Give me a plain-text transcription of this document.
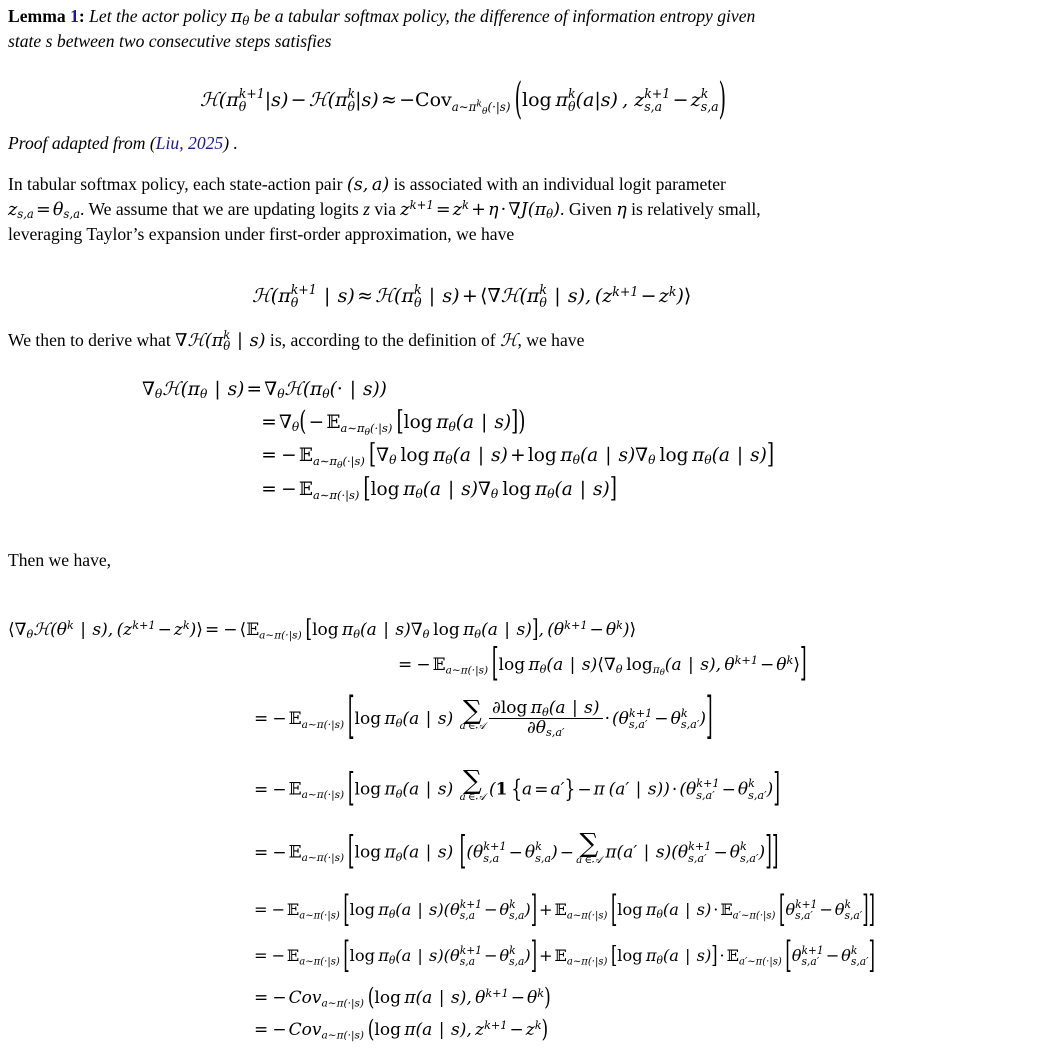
Lemma 1: Let the actor policy $\pi_\theta$ be a tabular softmax policy, the difference of information entropy given
state s between two consecutive steps satisfies
ℋ(π k+1
θ |s) − ℋ(π k
θ |s) ≈ −Cov$_{a\sim\pi^k_\theta(\cdot|s)}$ (log π k
θ (a|s) , z k+1
s,a − z k
s,a )
Proof adapted from (Liu, 2025) .
In tabular softmax policy, each state-action pair (s, a) is associated with an individual logit parameter
$z_{s,a} = \theta_{s,a}$. We assume that we are updating logits z via $z^{k+1} = z^k + \eta \cdot \nabla J(\pi_\theta)$. Given η is relatively small,
leveraging Taylor’s expansion under first-order approximation, we have
ℋ(π k+1
θ	| s) ≈ ℋ(π k
θ | s) + ⟨∇ℋ(π k
θ | s), ($z^{k+1}$ − $z^k)⟩$
We then to derive what ∇ℋ(π k
θ | s) is, according to the definition of ℋ, we have
$\nabla_\theta ℋ(\pi_\theta$ | $s) = \nabla_\theta ℋ(\pi_\theta(\cdot$ | s))
= $\nabla_\theta$( − 𝔼$_{a\sim\pi_\theta(\cdot|s)}$ [log $\pi_\theta(a$ | s)])
= − 𝔼$_{a\sim\pi_\theta(\cdot|s)}$ [$\nabla_\theta$ $\log \pi_\theta(a$ | $s) + \log \pi_\theta(a$ | $s)\nabla_\theta$ $\log \pi_\theta(a$ | s)]
= − 𝔼$_{a\sim\pi(\cdot|s)}$ [log $\pi_\theta(a$ | $s)\nabla_\theta$ $\log \pi_\theta(a$ | s)]
Then we have,
$⟨\nabla_\theta ℋ(\theta^k$ | s), ($z^{k+1}$ − $z^k)⟩$ = − ⟨𝔼$_{a\sim\pi(\cdot|s)}$ [log $\pi_\theta(a$ | $s)\nabla_\theta$ $\log \pi_\theta(a$ | s)], ($\theta^{k+1}$ − $\theta^k)⟩$
= − 𝔼$_{a\sim\pi(\cdot|s)}$ [log $\pi_\theta(a$ | $s)⟨\nabla_\theta$ $\log_{\pi_\theta}(a$ | s), $\theta^{k+1}$ − $\theta^k⟩$]
= − 𝔼$_{a\sim\pi(\cdot|s)}$ [log $\pi_\theta(a$ | s) ∑
a′∈𝒜 $\frac{\partial\log \pi_\theta(a | s)}{\partial\theta_{s,a'}} \cdot (\theta$ k+1
s,a′ − θ k
s,a′ )]
= − 𝔼$_{a\sim\pi(\cdot|s)}$ [log $\pi_\theta(a$ | s) ∑
a′∈𝒜 (1 {a = a′} − π (a′ | s)) · (θ k+1
s,a′ − θ k
s,a′ )]
= − 𝔼$_{a\sim\pi(\cdot|s)}$ [log $\pi_\theta(a$ | s) [(θ k+1
s,a − θ k
s,a ) − ∑
a′∈𝒜 π(a′ | s)(θ k+1
s,a′ − θ k
s,a′ )]]
= − 𝔼$_{a\sim\pi(\cdot|s)}$ [log $\pi_\theta(a$ | s)(θ k+1
s,a − θ k
s,a )] + 𝔼$_{a\sim\pi(\cdot|s)}$ [log $\pi_\theta(a$ | s) · 𝔼$_{a'\sim\pi(\cdot|s)}$ [θ k+1
s,a′ − θ k
s,a′ ]]
= − 𝔼$_{a\sim\pi(\cdot|s)}$ [log $\pi_\theta(a$ | s)(θ k+1
s,a − θ k
s,a )] + 𝔼$_{a\sim\pi(\cdot|s)}$ [log $\pi_\theta(a$ | s)] · 𝔼$_{a'\sim\pi(\cdot|s)}$ [θ k+1
s,a′ − θ k
s,a′ ]
= − Cov$_{a\sim\pi(\cdot|s)}$ (log π(a | s), $\theta^{k+1} - \theta^k$)
= − Cov$_{a\sim\pi(\cdot|s)}$ (log π(a | s), $z^{k+1} - z^k$)
